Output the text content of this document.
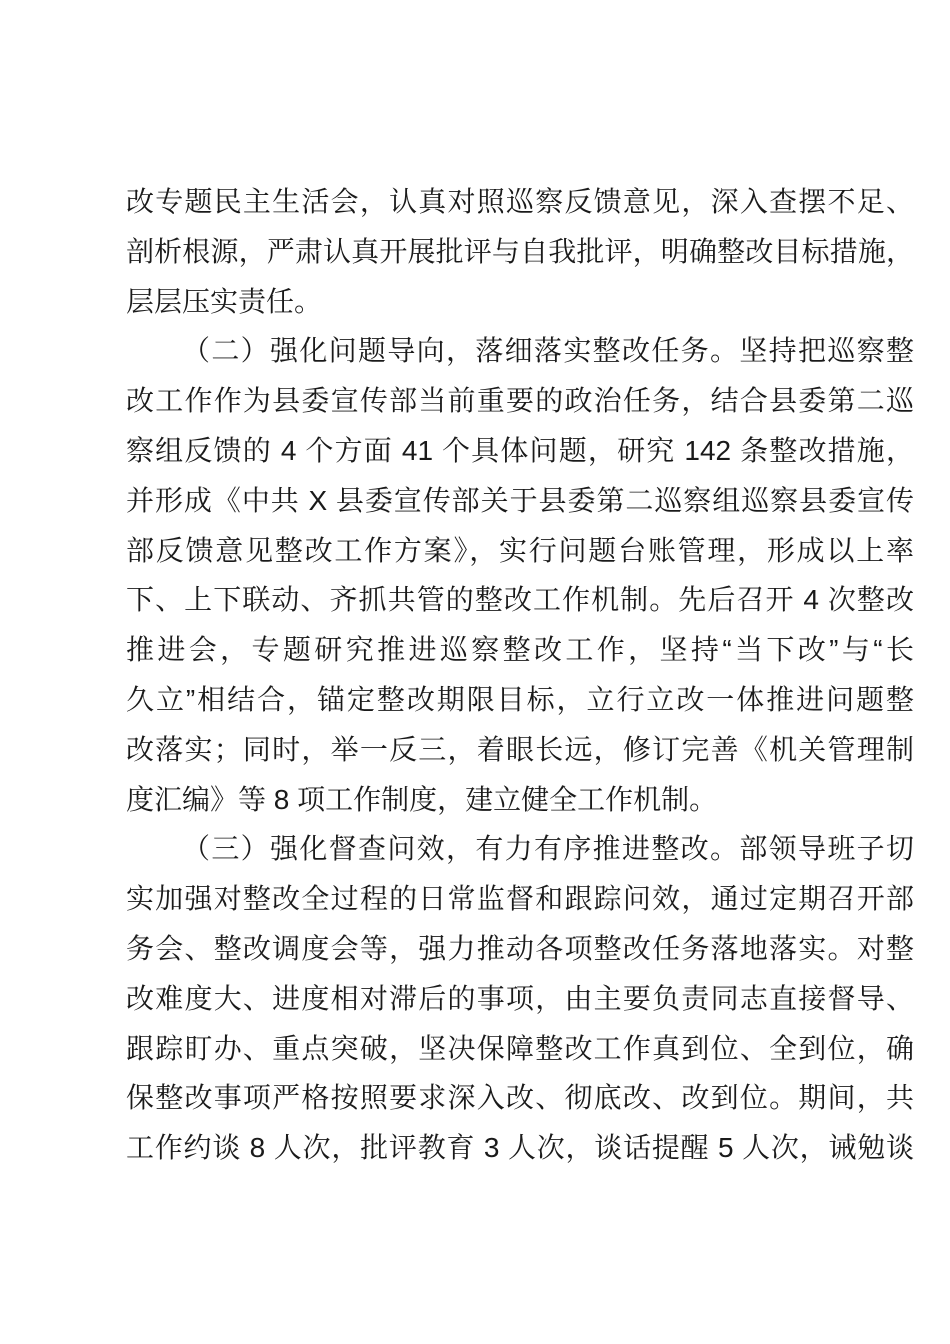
改专题民主生活会，认真对照巡察反馈意见，深入查摆不足、
剖析根源，严肃认真开展批评与自我批评，明确整改目标措施，
层层压实责任。
（二）强化问题导向，落细落实整改任务。坚持把巡察整
改工作作为县委宣传部当前重要的政治任务，结合县委第二巡
察组反馈的 4 个方面 41 个具体问题，研究 142 条整改措施，
并形成《中共 X 县委宣传部关于县委第二巡察组巡察县委宣传
部反馈意见整改工作方案》，实行问题台账管理，形成以上率
下、上下联动、齐抓共管的整改工作机制。先后召开 4 次整改
推进会，专题研究推进巡察整改工作，坚持“当下改”与“长
久立”相结合，锚定整改期限目标，立行立改一体推进问题整
改落实；同时，举一反三，着眼长远，修订完善《机关管理制
度汇编》等 8 项工作制度，建立健全工作机制。
（三）强化督查问效，有力有序推进整改。部领导班子切
实加强对整改全过程的日常监督和跟踪问效，通过定期召开部
务会、整改调度会等，强力推动各项整改任务落地落实。对整
改难度大、进度相对滞后的事项，由主要负责同志直接督导、
跟踪盯办、重点突破，坚决保障整改工作真到位、全到位，确
保整改事项严格按照要求深入改、彻底改、改到位。期间，共
工作约谈 8 人次，批评教育 3 人次，谈话提醒 5 人次，诫勉谈
